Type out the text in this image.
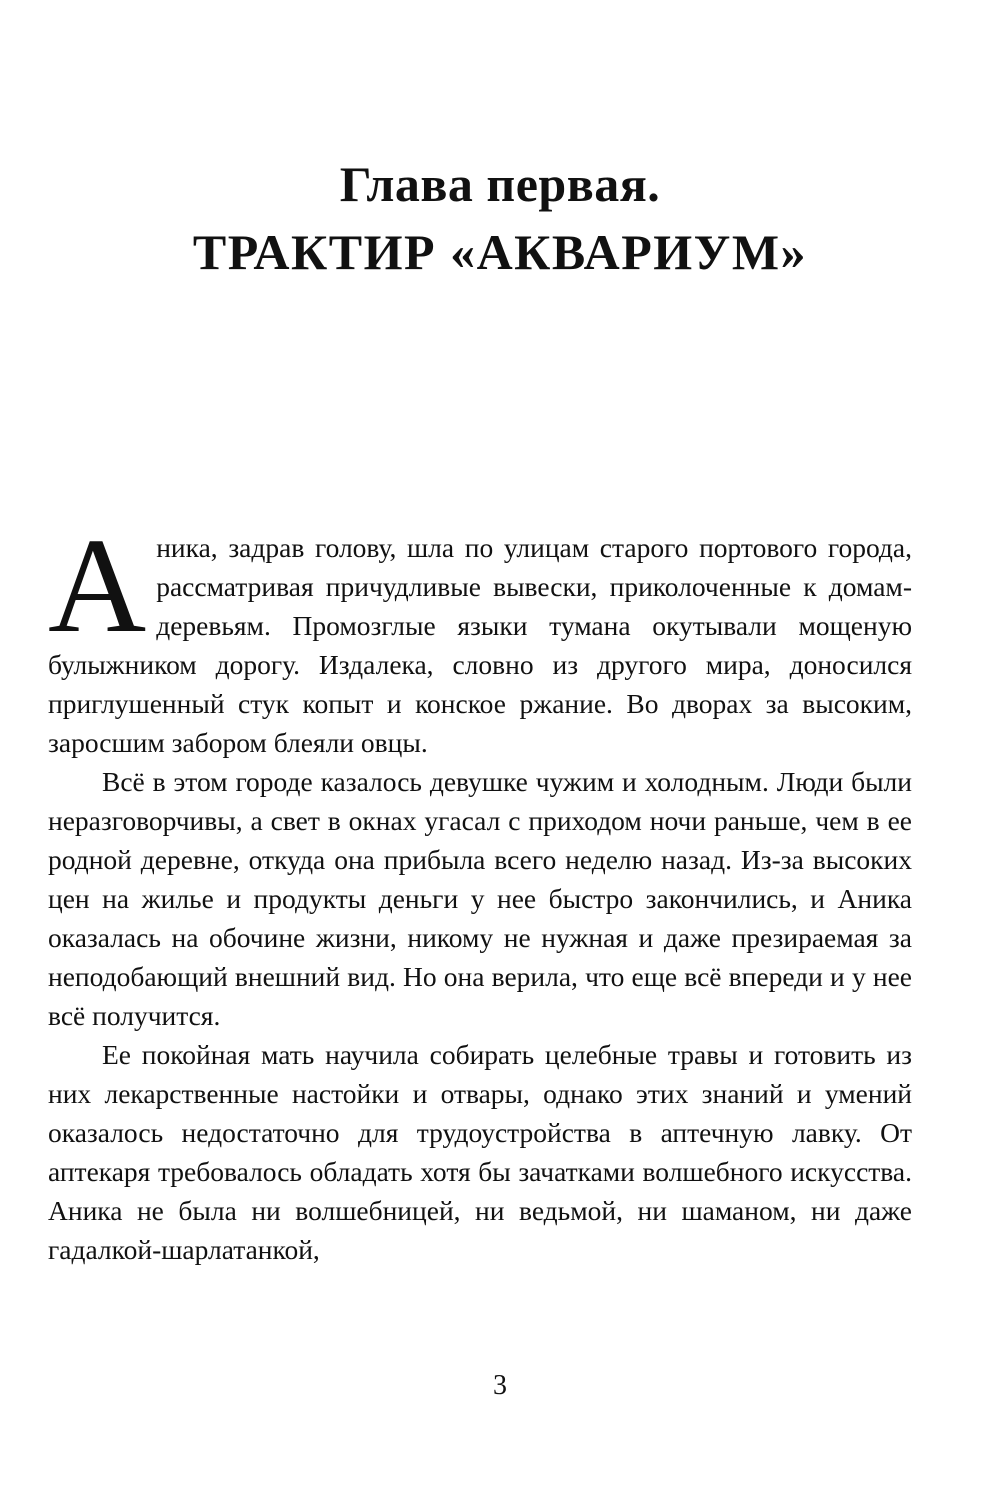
Глава первая.
ТРАКТИР «АКВАРИУМ»

Аника, задрав голову, шла по улицам старого портового города, рассматривая причудливые вывески, приколоченные к домам-деревьям. Промозглые языки тумана окутывали мощеную булыжником дорогу. Издалека, словно из другого мира, доносился приглушенный стук копыт и конское ржание. Во дворах за высоким, заросшим забором блеяли овцы.

Всё в этом городе казалось девушке чужим и холодным. Люди были неразговорчивы, а свет в окнах угасал с приходом ночи раньше, чем в ее родной деревне, откуда она прибыла всего неделю назад. Из-за высоких цен на жилье и продукты деньги у нее быстро закончились, и Аника оказалась на обочине жизни, никому не нужная и даже презираемая за неподобающий внешний вид. Но она верила, что еще всё впереди и у нее всё получится.

Ее покойная мать научила собирать целебные травы и готовить из них лекарственные настойки и отвары, однако этих знаний и умений оказалось недостаточно для трудоустройства в аптечную лавку. От аптекаря требовалось обладать хотя бы зачатками волшебного искусства. Аника не была ни волшебницей, ни ведьмой, ни шаманом, ни даже гадалкой-шарлатанкой,

3
